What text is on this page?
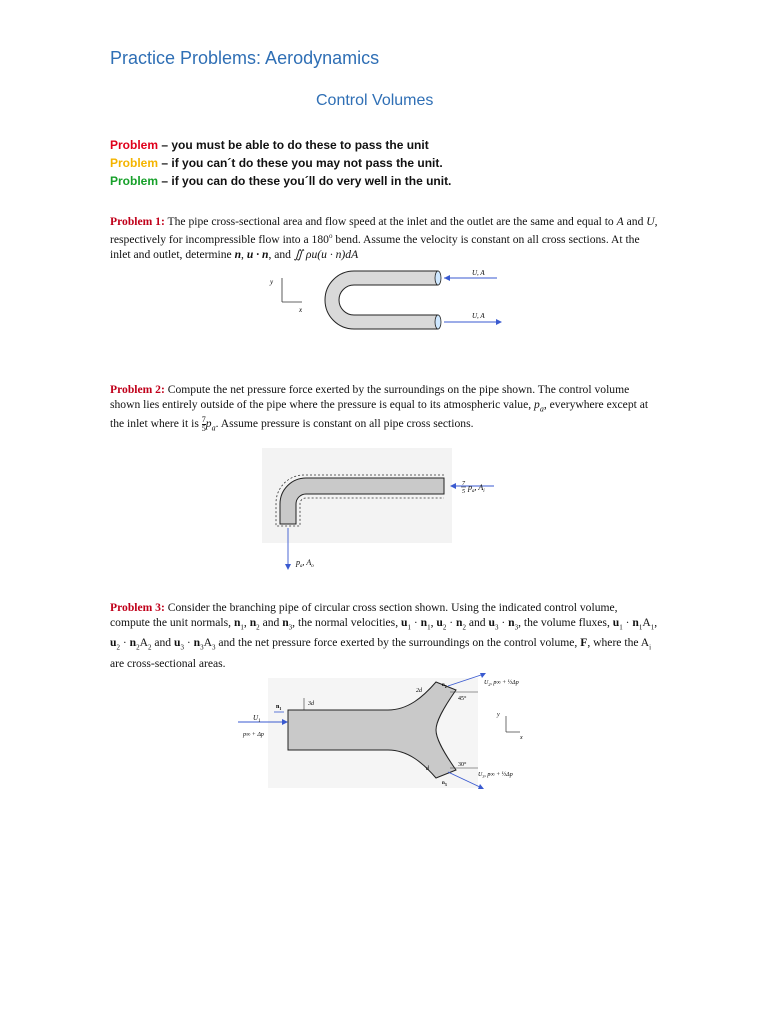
Practice Problems: Aerodynamics
Control Volumes
Problem – you must be able to do these to pass the unit
Problem – if you can´t do these you may not pass the unit.
Problem – if you can do these you´ll do very well in the unit.

Problem 1: The pipe cross-sectional area and flow speed at the inlet and the outlet are the same and equal to A and U, respectively for incompressible flow into a 180$^o$ bend. Assume the velocity is constant on all cross sections. At the inlet and outlet, determine n, u · n, and ∬ ρu(u · n)dA

y
x
U, A
U, A

Problem 2: Compute the net pressure force exerted by the surroundings on the pipe shown. The control volume shown lies entirely outside of the pipe where the pressure is equal to its atmospheric value, $p_a$, everywhere except at the inlet where it is $\frac{7}{5} p_a$. Assume pressure is constant on all pipe cross sections.

7
5 $p_a$, $A_i$
$p_a$, $A_o$

Problem 3: Consider the branching pipe of circular cross section shown. Using the indicated control volume, compute the unit normals, $n_1$, $n_2$ and $n_3$, the normal velocities, $u_1 \cdot n_1$, $u_2 \cdot n_2$ and $u_3 \cdot n_3$, the volume fluxes, $u_1 \cdot n_1A_1$, $u_2 \cdot n_2A_2$ and $u_3 \cdot n_3A_3$ and the net pressure force exerted by the surroundings on the control volume, F, where the $A_i$ are cross-sectional areas.

$U_1$
p∞ + Δp
$n_1$
3d
2d
$n_2$
45°
$U_2$, p∞ + ½Δp
d
$n_3$
30°
$U_3$, p∞ + ½Δp
y
x
